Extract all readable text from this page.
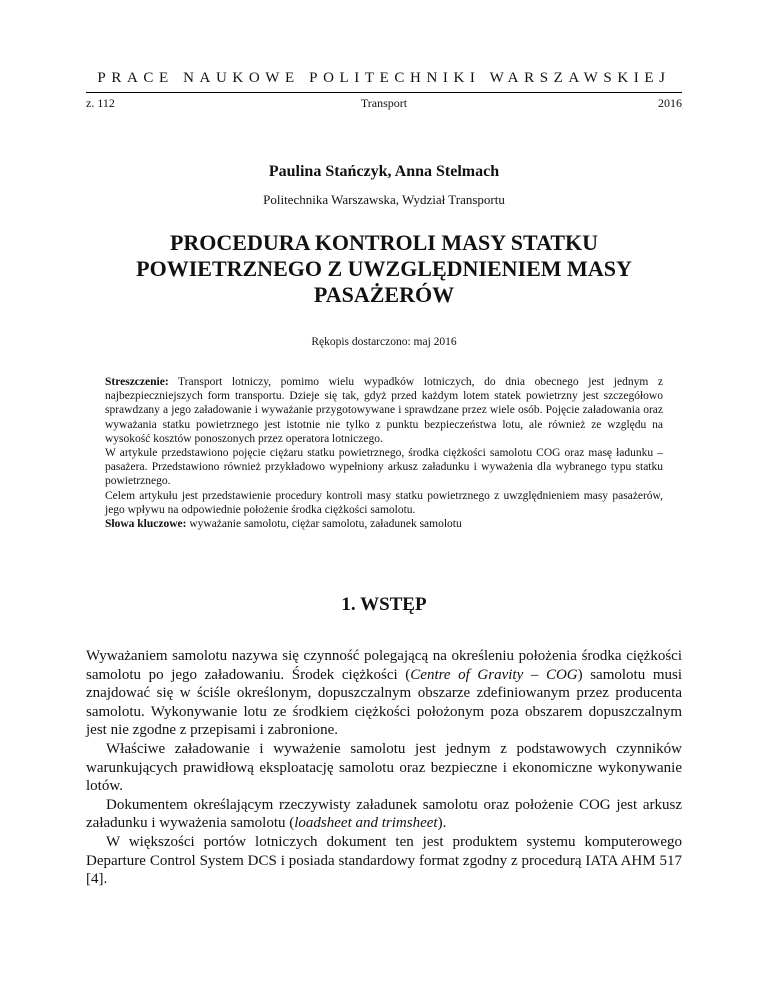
PRACE NAUKOWE POLITECHNIKI WARSZAWSKIEJ
Transport
z. 112	2016
Paulina Stańczyk, Anna Stelmach
Politechnika Warszawska, Wydział Transportu
PROCEDURA KONTROLI MASY STATKU
POWIETRZNEGO Z UWZGLĘDNIENIEM MASY
PASAŻERÓW
Rękopis dostarczono: maj 2016

Streszczenie: Transport lotniczy, pomimo wielu wypadków lotniczych, do dnia obecnego jest jednym z najbezpieczniejszych form transportu. Dzieje się tak, gdyż przed każdym lotem statek powietrzny jest szczegółowo sprawdzany a jego załadowanie i wyważanie przygotowywane i sprawdzane przez wiele osób. Pojęcie załadowania oraz wyważania statku powietrznego jest istotnie nie tylko z punktu bezpieczeństwa lotu, ale również ze względu na wysokość kosztów ponoszonych przez operatora lotniczego.

W artykule przedstawiono pojęcie ciężaru statku powietrznego, środka ciężkości samolotu COG oraz masę ładunku – pasażera. Przedstawiono również przykładowo wypełniony arkusz załadunku i wyważenia dla wybranego typu statku powietrznego.

Celem artykułu jest przedstawienie procedury kontroli masy statku powietrznego z uwzględnieniem masy pasażerów, jego wpływu na odpowiednie położenie środka ciężkości samolotu.

Słowa kluczowe: wyważanie samolotu, ciężar samolotu, załadunek samolotu

1. WSTĘP

Wyważaniem samolotu nazywa się czynność polegającą na określeniu położenia środka ciężkości samolotu po jego załadowaniu. Środek ciężkości (Centre of Gravity – COG) samolotu musi znajdować się w ściśle określonym, dopuszczalnym obszarze zdefiniowanym przez producenta samolotu. Wykonywanie lotu ze środkiem ciężkości położonym poza obszarem dopuszczalnym jest nie zgodne z przepisami i zabronione.

Właściwe załadowanie i wyważenie samolotu jest jednym z podstawowych czynników warunkujących prawidłową eksploatację samolotu oraz bezpieczne i ekonomiczne wykonywanie lotów.

Dokumentem określającym rzeczywisty załadunek samolotu oraz położenie COG jest arkusz załadunku i wyważenia samolotu (loadsheet and trimsheet).

W większości portów lotniczych dokument ten jest produktem systemu komputerowego Departure Control System DCS i posiada standardowy format zgodny z procedurą IATA AHM 517 [4].
